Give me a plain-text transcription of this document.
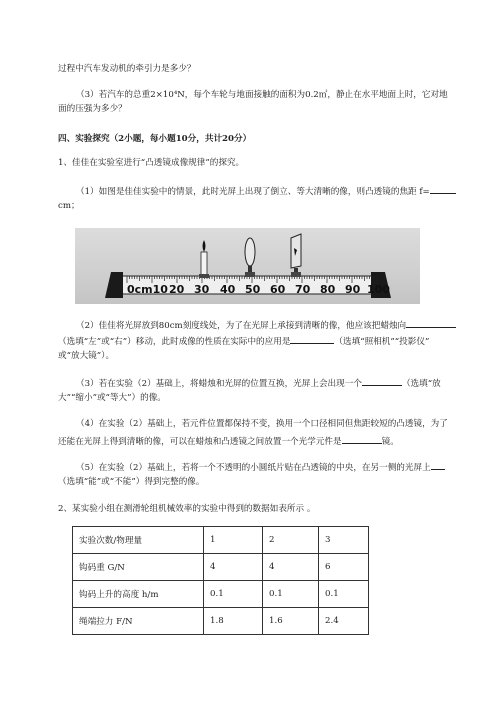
过程中汽车发动机的牵引力是多少？
（3）若汽车的总重2×10⁴N，每个车轮与地面接触的面积为0.2㎡，静止在水平地面上时，它对地
面的压强为多少？
四、实验探究（2小题，每小题10分，共计20分）
1、佳佳在实验室进行“凸透镜成像规律”的探究。
（1）如图是佳佳实验中的情景，此时光屏上出现了倒立、等大清晰的像，则凸透镜的焦距 f=
cm；
0cm10 20 30 40 50 60 70 80 90 100
（2）佳佳将光屏放到80cm刻度线处，为了在光屏上承接到清晰的像，他应该把蜡烛向
（选填“左”或“右”）移动，此时成像的性质在实际中的应用是	（选填“照相机”“投影仪”
或“放大镜”）。
（3）若在实验（2）基础上，将蜡烛和光屏的位置互换，光屏上会出现一个	（选填“放
大”“缩小”或“等大”）的像。
（4）在实验（2）基础上，若元件位置都保持不变，换用一个口径相同但焦距较短的凸透镜，为了
还能在光屏上得到清晰的像，可以在蜡烛和凸透镜之间放置一个光学元件是	镜。
（5）在实验（2）基础上，若将一个不透明的小圆纸片贴在凸透镜的中央，在另一侧的光屏上
（选填“能”或“不能”）得到完整的像。
2、某实验小组在测滑轮组机械效率的实验中得到的数据如表所示 。
实验次数/物理量	1	2	3
钩码重 G/N	4	4	6
钩码上升的高度 h/m	0.1	0.1	0.1
绳端拉力 F/N	1.8	1.6	2.4
